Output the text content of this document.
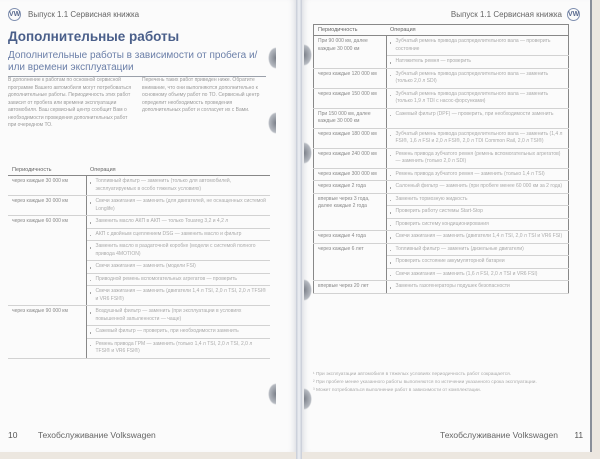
VW Выпуск 1.1 Сервисная книжка
Дополнительные работы
Дополнительные работы в зависимости от пробега и/или времени эксплуатации
В дополнение к работам по основной сервисной программе Вашего автомобиля могут потребоваться дополнительные работы. Периодичность этих работ зависит от пробега или времени эксплуатации автомобиля. Ваш сервисный центр сообщит Вам о необходимости проведения дополнительных работ при очередном ТО.
Перечень таких работ приведен ниже. Обратите внимание, что они выполняются дополнительно к основному объему работ по ТО. Сервисный центр определит необходимость проведения дополнительных работ и согласует их с Вами.
Периодичность	Операция
через каждые 30 000 км	Топливный фильтр — заменить (только для автомобилей, эксплуатируемых в особо тяжелых условиях)
через каждые 30 000 км	Свечи зажигания — заменить (для двигателей, не оснащенных системой Longlife)
через каждые 60 000 км	Заменить масло АКП в АКП — только Touareg 3,2 и 4,2 л

АКП с двойным сцеплением DSG — заменить масло и фильтр

Заменить масло в раздаточной коробке (модели с системой полного привода 4MOTION)

Свечи зажигания — заменить (модели FSI)

Приводной ремень вспомогательных агрегатов — проверить

Свечи зажигания — заменить (двигатели 1,4 л TSI, 2,0 л TSI, 2,0 л TFSI® и VR6 FSI®)
через каждые 90 000 км	Воздушный фильтр — заменить (при эксплуатации в условиях повышенной запыленности — чаще)

Сажевый фильтр — проверить, при необходимости заменить

Ремень привода ГРМ — заменить (только 1,4 л TSI, 2,0 л TSI, 2,0 л TFSI® и VR6 FSI®)
10 Техобслуживание Volkswagen
Выпуск 1.1 Сервисная книжка VW
Периодичность	Операция
При 90 000 км, далее каждые 30 000 км	Зубчатый ремень привода распределительного вала — проверить состояние

Натяжитель ремня — проверить
через каждые 120 000 км	Зубчатый ремень привода распределительного вала — заменить (только 2,0 л SDI)
через каждые 150 000 км	Зубчатый ремень привода распределительного вала — заменить (только 1,9 л TDI с насос-форсунками)
При 150 000 км, далее каждые 30 000 км	Сажевый фильтр (DPF) — проверить, при необходимости заменить
через каждые 180 000 км	Зубчатый ремень привода распределительного вала — заменить (1,4 л FSI®, 1,6 л FSI и 2,0 л FSI®, 2,0 л TDI Common Rail, 2,0 л TSI®)
через каждые 240 000 км	Ремень привода зубчатого ремня (ремень вспомогательных агрегатов) — заменить (только 2,0 л SDI)
через каждые 300 000 км	Ремень привода зубчатого ремня — заменить (только 1,4 л TSI)
через каждые 2 года	Салонный фильтр — заменить (при пробеге менее 60 000 км за 2 года)
впервые через 3 года, далее каждые 2 года	Заменить тормозную жидкость

Проверить работу системы Start-Stop

Проверить систему кондиционирования
через каждые 4 года	Свечи зажигания — заменить (двигатели 1,4 л TSI, 2,0 л TSI и VR6 FSI)
через каждые 6 лет	Топливный фильтр — заменить (дизельные двигатели)

Проверить состояние аккумуляторной батареи

Свечи зажигания — заменить (1,6 л FSI, 2,0 л TSI и VR6 FSI)
впервые через 20 лет	Заменить газогенераторы подушек безопасности
¹ При эксплуатации автомобиля в тяжелых условиях периодичность работ сокращается.
² При пробеге менее указанного работы выполняются по истечении указанного срока эксплуатации.
³ Может потребоваться выполнение работ в зависимости от комплектации.
Техобслуживание Volkswagen 11
